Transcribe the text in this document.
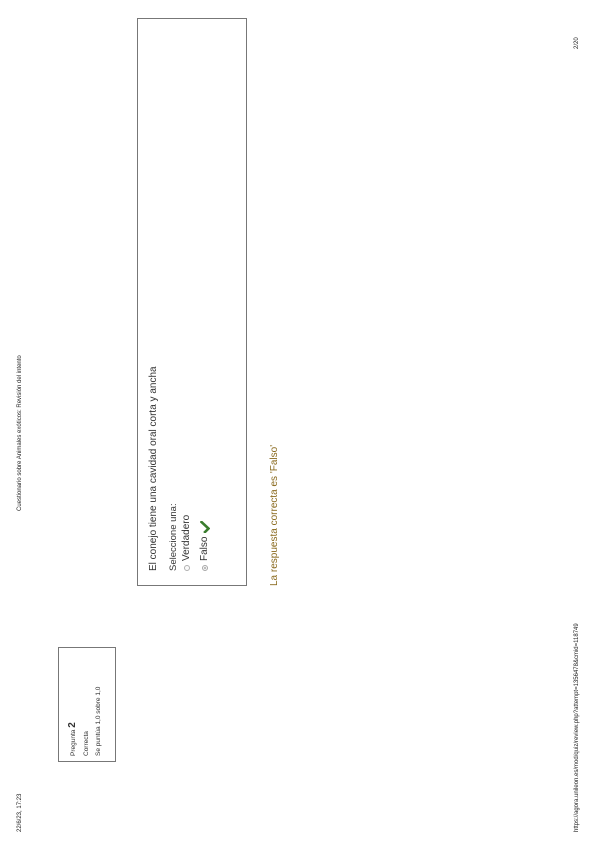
22/6/23, 17:23
Cuestionario sobre Animales exóticos: Revisión del intento
Pregunta 2
Correcta Se puntúa 1,0 sobre 1,0
El conejo tiene una cavidad oral corta y ancha Seleccione una: Verdadero Falso	La respuesta correcta es 'Falso'
https://agora.unileon.es/mod/quiz/review.php?attempt=1356478&cmid=118749
2/20
